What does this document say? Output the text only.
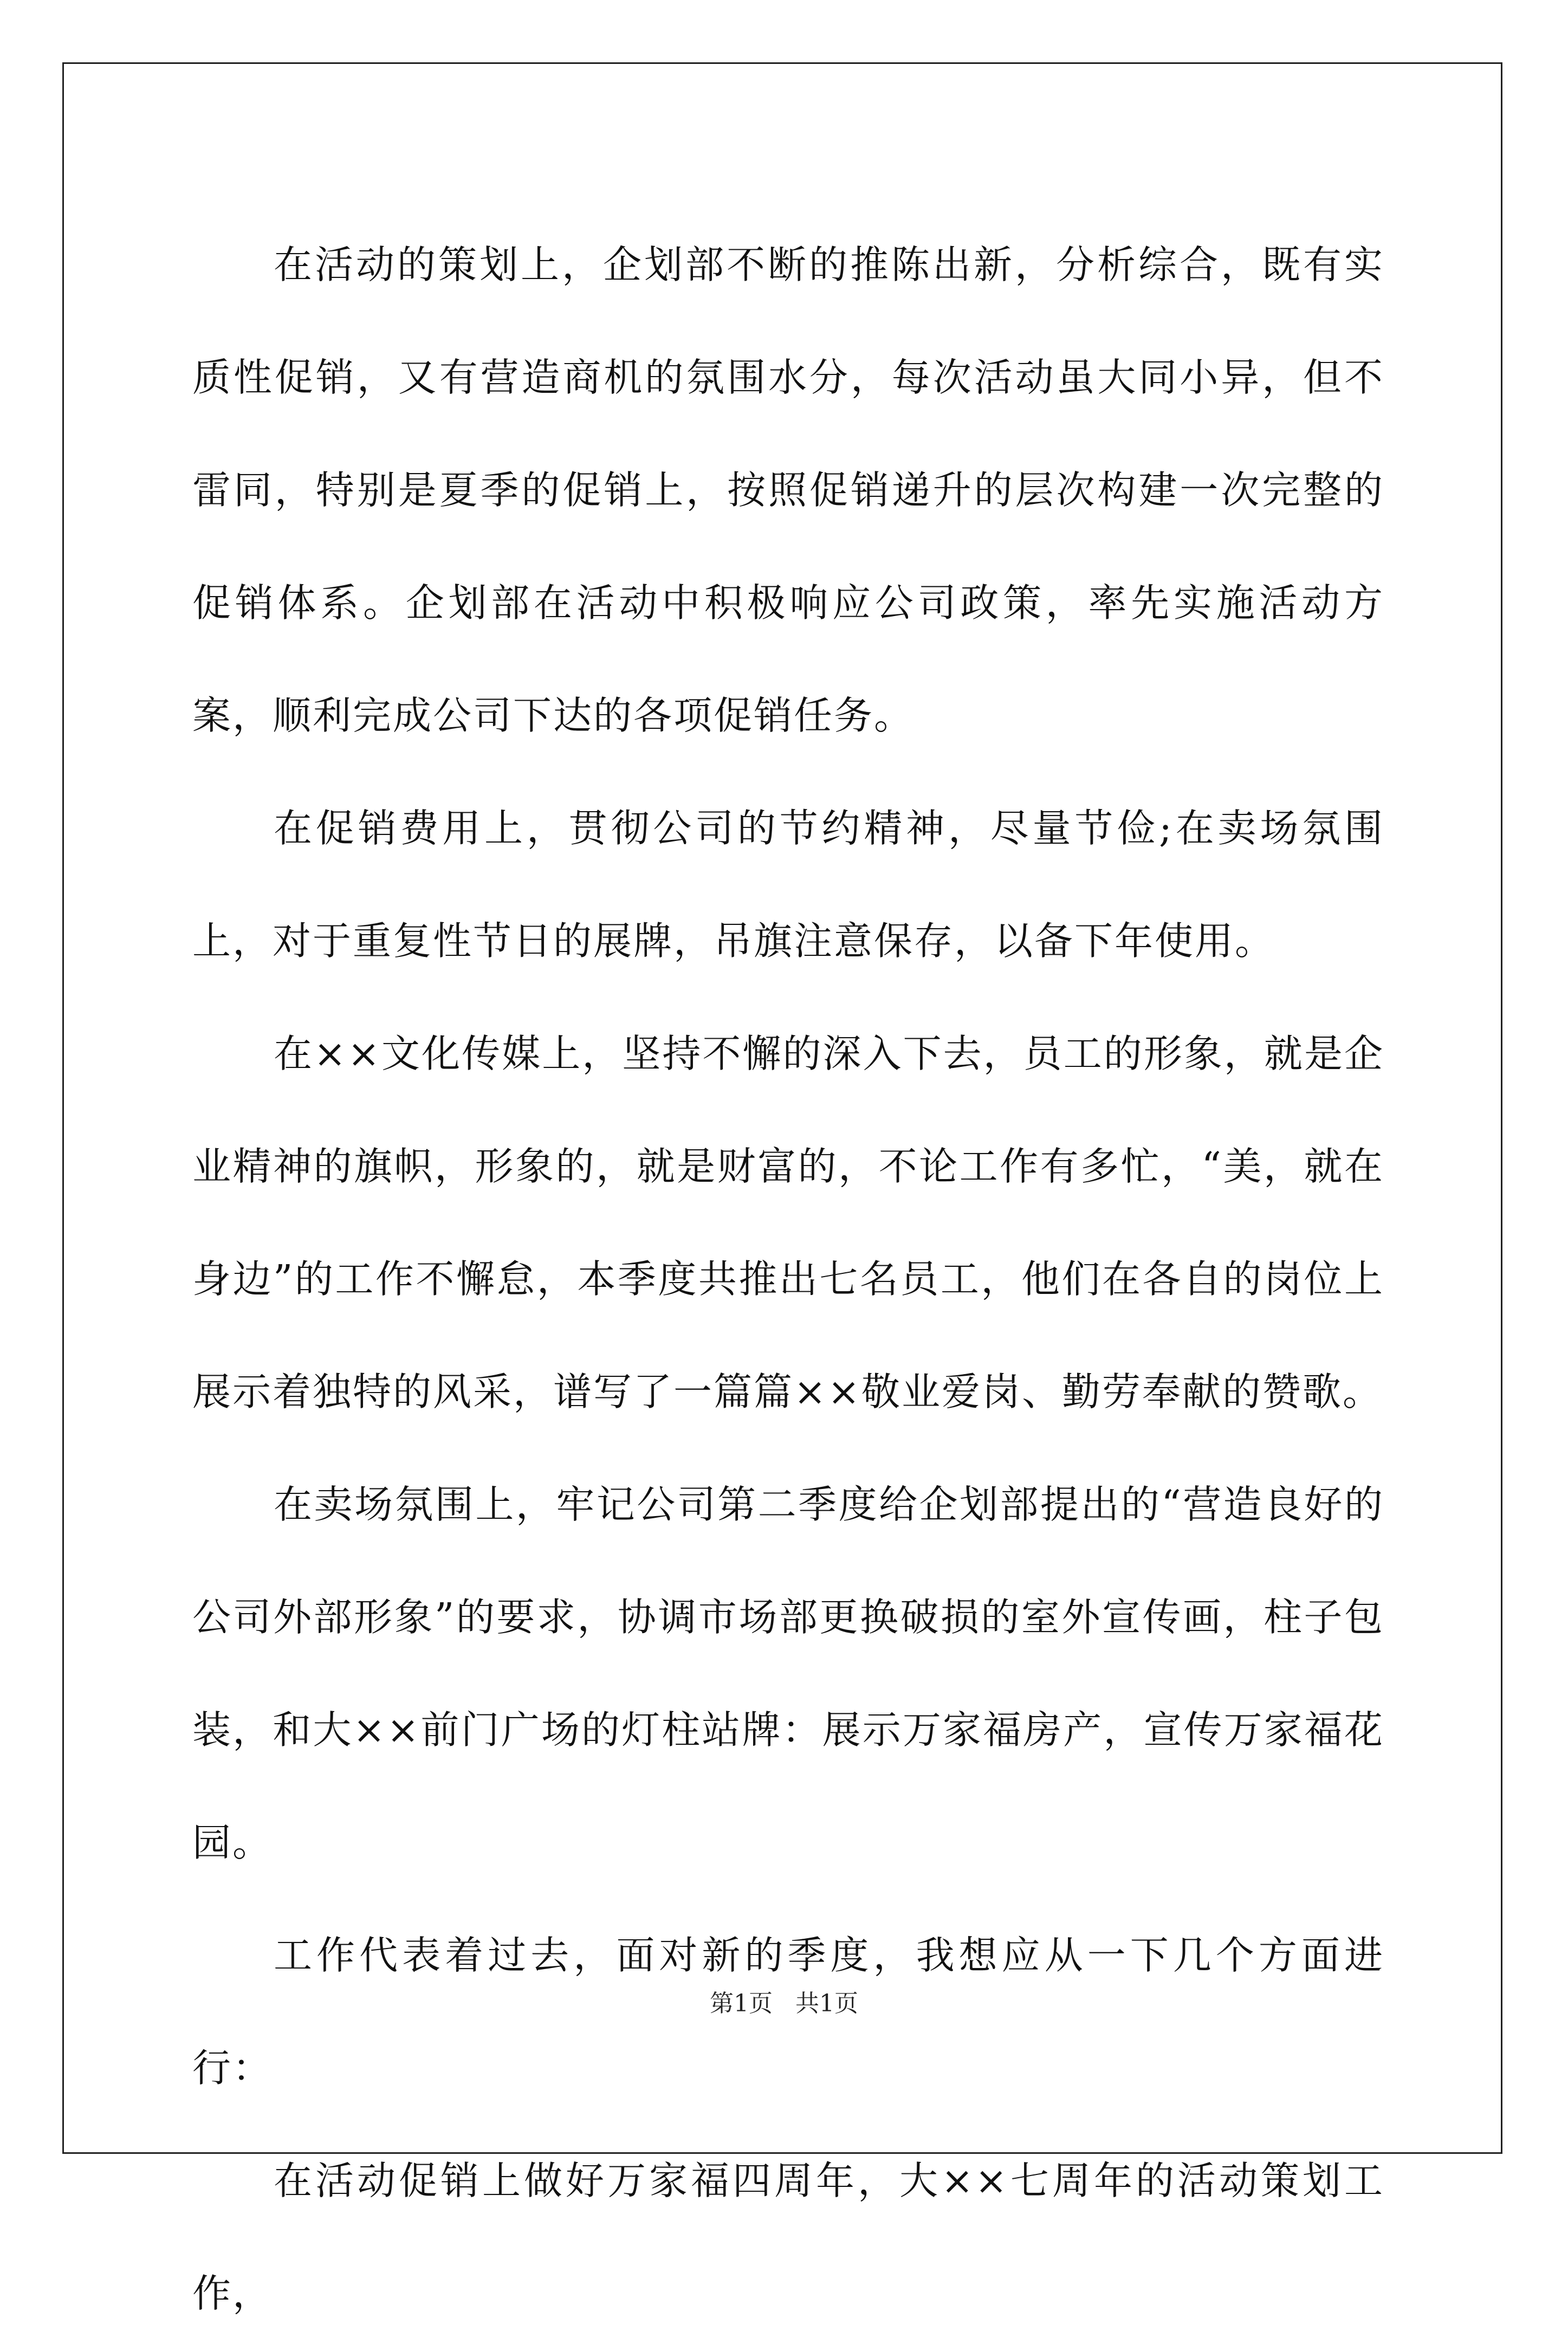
在活动的策划上，企划部不断的推陈出新，分析综合，既有实质性促销，又有营造商机的氛围水分，每次活动虽大同小异，但不雷同，特别是夏季的促销上，按照促销递升的层次构建一次完整的促销体系。企划部在活动中积极响应公司政策，率先实施活动方案，顺利完成公司下达的各项促销任务。

在促销费用上，贯彻公司的节约精神，尽量节俭;在卖场氛围上，对于重复性节日的展牌，吊旗注意保存，以备下年使用。

在××文化传媒上，坚持不懈的深入下去，员工的形象，就是企业精神的旗帜，形象的，就是财富的，不论工作有多忙，“美，就在身边”的工作不懈怠，本季度共推出七名员工，他们在各自的岗位上展示着独特的风采，谱写了一篇篇××敬业爱岗、勤劳奉献的赞歌。

在卖场氛围上，牢记公司第二季度给企划部提出的“营造良好的公司外部形象”的要求，协调市场部更换破损的室外宣传画，柱子包装，和大××前门广场的灯柱站牌：展示万家福房产，宣传万家福花园。

工作代表着过去，面对新的季度，我想应从一下几个方面进行：

在活动促销上做好万家福四周年，大××七周年的活动策划工作，

第1页 共1页
